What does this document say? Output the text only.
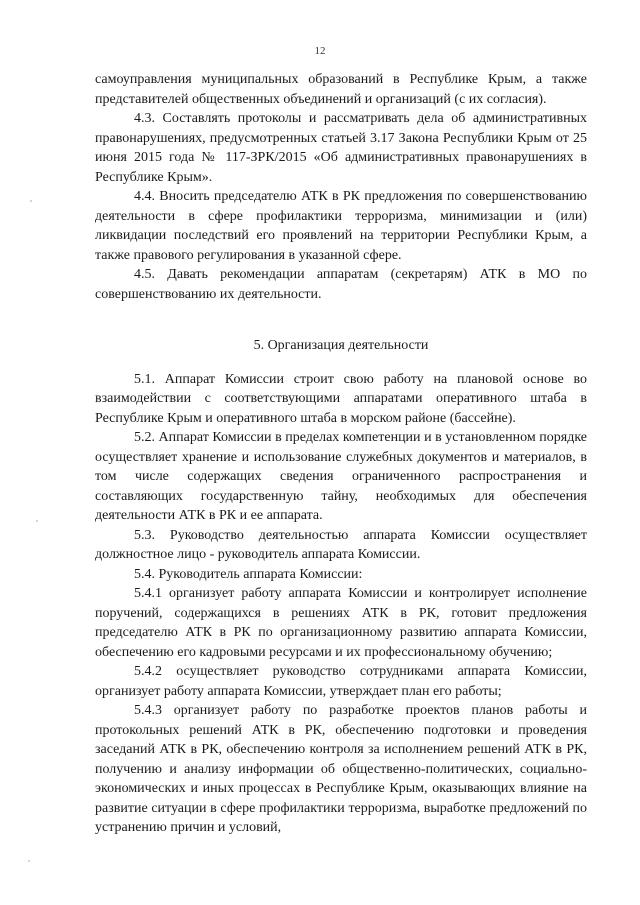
12

самоуправления муниципальных образований в Республике Крым, а также представителей общественных объединений и организаций (с их согласия).

4.3. Составлять протоколы и рассматривать дела об административных правонарушениях, предусмотренных статьей 3.17 Закона Республики Крым от 25 июня 2015 года № 117-ЗРК/2015 «Об административных правонарушениях в Республике Крым».

4.4. Вносить председателю АТК в РК предложения по совершенствованию деятельности в сфере профилактики терроризма, минимизации и (или) ликвидации последствий его проявлений на территории Республики Крым, а также правового регулирования в указанной сфере.

4.5. Давать рекомендации аппаратам (секретарям) АТК в МО по совершенствованию их деятельности.

5. Организация деятельности

5.1. Аппарат Комиссии строит свою работу на плановой основе во взаимодействии с соответствующими аппаратами оперативного штаба в Республике Крым и оперативного штаба в морском районе (бассейне).

5.2. Аппарат Комиссии в пределах компетенции и в установленном порядке осуществляет хранение и использование служебных документов и материалов, в том числе содержащих сведения ограниченного распространения и составляющих государственную тайну, необходимых для обеспечения деятельности АТК в РК и ее аппарата.

5.3. Руководство деятельностью аппарата Комиссии осуществляет должностное лицо - руководитель аппарата Комиссии.

5.4. Руководитель аппарата Комиссии:

5.4.1 организует работу аппарата Комиссии и контролирует исполнение поручений, содержащихся в решениях АТК в РК, готовит предложения председателю АТК в РК по организационному развитию аппарата Комиссии, обеспечению его кадровыми ресурсами и их профессиональному обучению;

5.4.2 осуществляет руководство сотрудниками аппарата Комиссии, организует работу аппарата Комиссии, утверждает план его работы;

5.4.3 организует работу по разработке проектов планов работы и протокольных решений АТК в РК, обеспечению подготовки и проведения заседаний АТК в РК, обеспечению контроля за исполнением решений АТК в РК, получению и анализу информации об общественно-политических, социально-экономических и иных процессах в Республике Крым, оказывающих влияние на развитие ситуации в сфере профилактики терроризма, выработке предложений по устранению причин и условий,
